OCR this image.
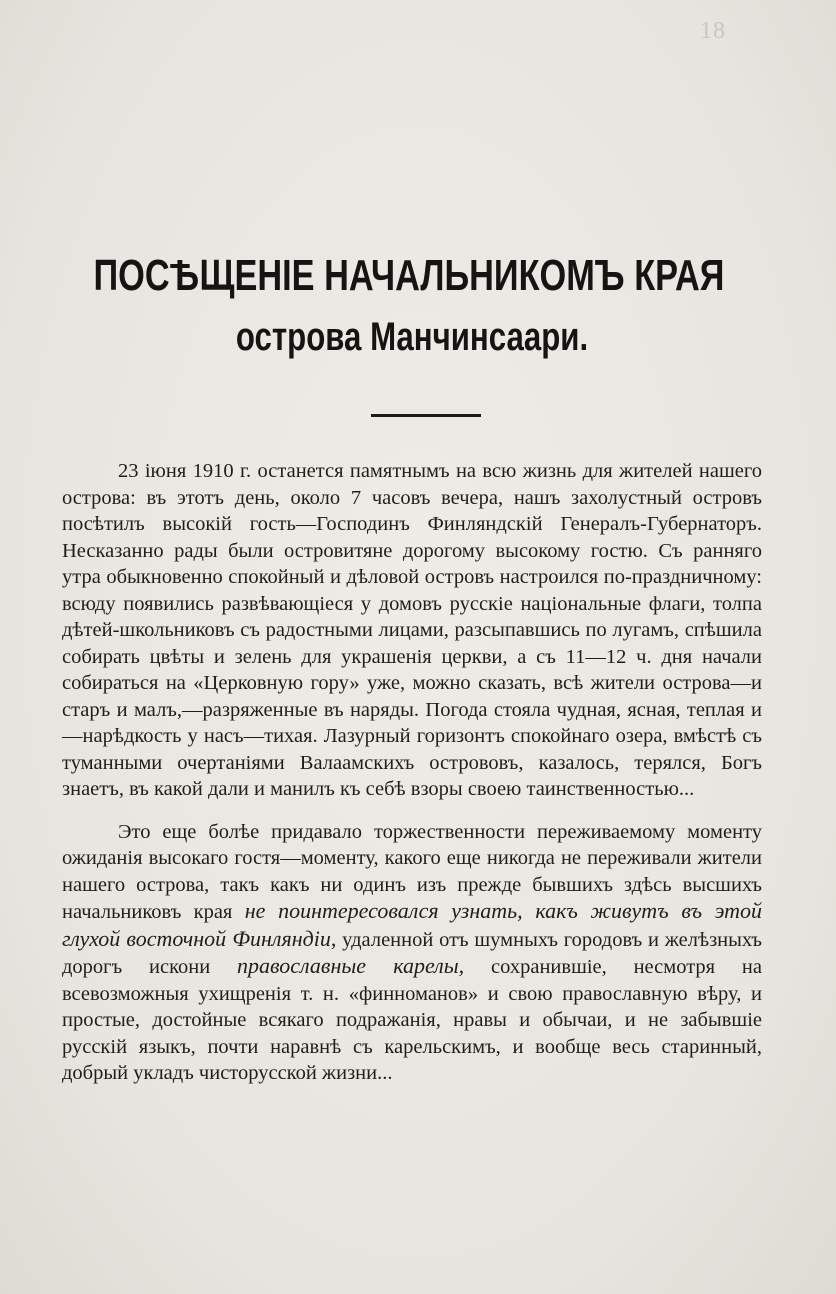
18
ПОСѢЩЕНІЕ НАЧАЛЬНИКОМЪ КРАЯ
острова Манчинсаари.

23 іюня 1910 г. останется памятнымъ на всю жизнь для жителей нашего острова: въ этотъ день, около 7 часовъ вечера, нашъ захолустный островъ посѣтилъ высокій гость—Господинъ Финляндскій Генералъ-Губернаторъ. Несказанно рады были островитяне дорогому высокому гостю. Съ ранняго утра обыкновенно спокойный и дѣловой островъ настроился по-праздничному: всюду появились развѣвающіеся у домовъ русскіе національные флаги, толпа дѣтей-школьниковъ съ радостными лицами, разсыпавшись по лугамъ, спѣшила собирать цвѣты и зелень для украшенія церкви, а съ 11—12 ч. дня начали собираться на «Церковную гору» уже, можно сказать, всѣ жители острова—и старъ и малъ,—разряженные въ наряды. Погода стояла чудная, ясная, теплая и—нарѣдкость у насъ—тихая. Лазурный горизонтъ спокойнаго озера, вмѣстѣ съ туманными очертаніями Валаамскихъ острововъ, казалось, терялся, Богъ знаетъ, въ какой дали и манилъ къ себѣ взоры своею таинственностью...

Это еще болѣе придавало торжественности переживаемому моменту ожиданія высокаго гостя—моменту, какого еще никогда не переживали жители нашего острова, такъ какъ ни одинъ изъ прежде бывшихъ здѣсь высшихъ начальниковъ края не поинтересовался узнать, какъ живутъ въ этой глухой восточной Финляндіи, удаленной отъ шумныхъ городовъ и желѣзныхъ дорогъ искони православные карелы, сохранившіе, несмотря на всевозможныя ухищренія т. н. «финноманов» и свою православную вѣру, и простые, достойные всякаго подражанія, нравы и обычаи, и не забывшіе русскій языкъ, почти наравнѣ съ карельскимъ, и вообще весь старинный, добрый укладъ чисторусской жизни...
